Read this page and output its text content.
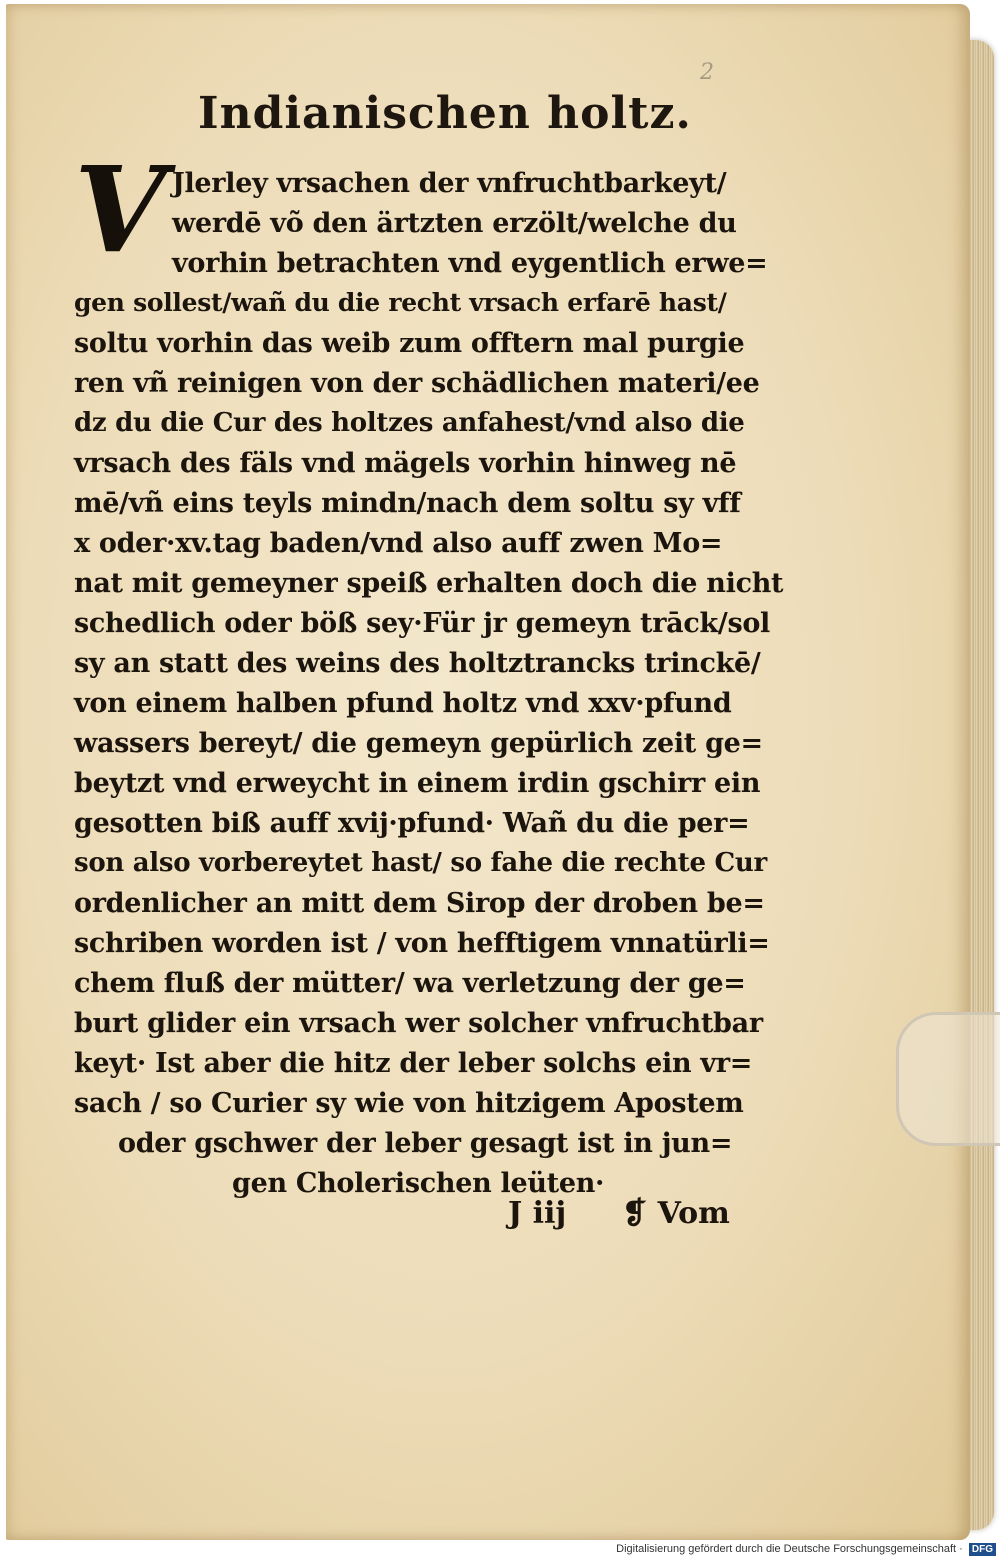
2
Indianischen holtz.
V Jlerley vrsachen der vnfruchtbarkeyt/
werdē võ den ärtzten erzölt/welche du
vorhin betrachten vnd eygentlich erwe=
gen sollest/wañ du die recht vrsach erfarē hast/
soltu vorhin das weib zum offtern mal purgie
ren vñ reinigen von der schädlichen materi/ee
dz du die Cur des holtzes anfahest/vnd also die
vrsach des fäls vnd mägels vorhin hinweg nē
mē/vñ eins teyls mindn/nach dem soltu sy vff
x oder·xv.tag baden/vnd also auff zwen Mo=
nat mit gemeyner speiß erhalten doch die nicht
schedlich oder böß sey·Für jr gemeyn trāck/sol
sy an statt des weins des holtztrancks trinckē/
von einem halben pfund holtz vnd xxv·pfund
wassers bereyt/ die gemeyn gepürlich zeit ge=
beytzt vnd erweycht in einem irdin gschirr ein
gesotten biß auff xvij·pfund· Wañ du die per=
son also vorbereytet hast/ so fahe die rechte Cur
ordenlicher an mitt dem Sirop der droben be=
schriben worden ist / von hefftigem vnnatürli=
chem fluß der mütter/ wa verletzung der ge=
burt glider ein vrsach wer solcher vnfruchtbar
keyt· Ist aber die hitz der leber solchs ein vr=
sach / so Curier sy wie von hitzigem Apostem
oder gschwer der leber gesagt ist in jun=
gen Cholerischen leüten·
J iij ❡ Vom
Digitalisierung gefördert durch die Deutsche Forschungsgemeinschaft · DFG
